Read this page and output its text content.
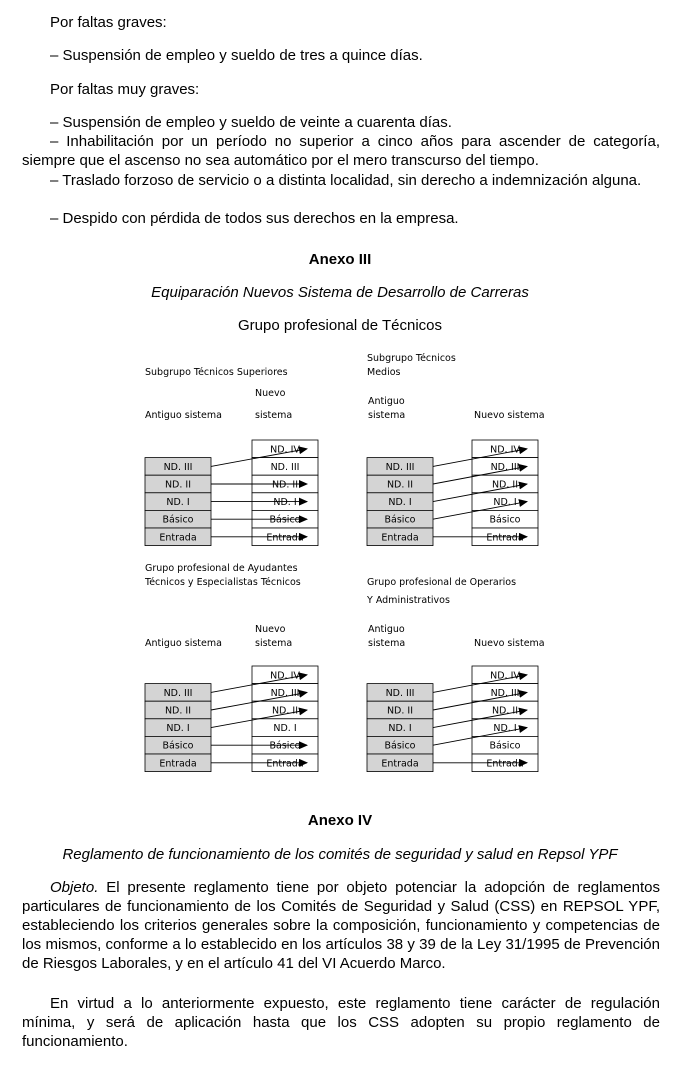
Por faltas graves:
– Suspensión de empleo y sueldo de tres a quince días.
Por faltas muy graves:
– Suspensión de empleo y sueldo de veinte a cuarenta días.
– Inhabilitación por un período no superior a cinco años para ascender de categoría, siempre que el ascenso no sea automático por el mero transcurso del tiempo.
– Traslado forzoso de servicio o a distinta localidad, sin derecho a indemnización alguna.
– Despido con pérdida de todos sus derechos en la empresa.
Anexo III
Equiparación Nuevos Sistema de Desarrollo de Carreras
Grupo profesional de Técnicos
Subgrupo Técnicos Superiores
Antiguo sistema
Nuevo
sistema
ND. IV
ND. III
ND. II
ND. I
Básico
Entrada
ND. III
ND. II
ND. I
Básico
Entrada
Subgrupo Técnicos
Medios
Antiguo
sistema	Nuevo sistema
ND. IV
ND. III
ND. II
ND. I
Básico
Entrada
ND. III
ND. II
ND. I
Básico
Entrada
Grupo profesional de Ayudantes
Técnicos y Especialistas Técnicos
Antiguo sistema
Nuevo
sistema
ND. IV
ND. III
ND. II
ND. I
Básico
Entrada
ND. III
ND. II
ND. I
Básico
Entrada
Grupo profesional de Operarios
Y Administrativos
Antiguo
sistema	Nuevo sistema
ND. IV
ND. III
ND. II
ND. I
Básico
Entrada
ND. III
ND. II
ND. I
Básico
Entrada
Anexo IV
Reglamento de funcionamiento de los comités de seguridad y salud en Repsol YPF
Objeto. El presente reglamento tiene por objeto potenciar la adopción de reglamentos particulares de funcionamiento de los Comités de Seguridad y Salud (CSS) en REPSOL YPF, estableciendo los criterios generales sobre la composición, funcionamiento y competencias de los mismos, conforme a lo establecido en los artículos 38 y 39 de la Ley 31/1995 de Prevención de Riesgos Laborales, y en el artículo 41 del VI Acuerdo Marco.
En virtud a lo anteriormente expuesto, este reglamento tiene carácter de regulación mínima, y será de aplicación hasta que los CSS adopten su propio reglamento de funcionamiento.
